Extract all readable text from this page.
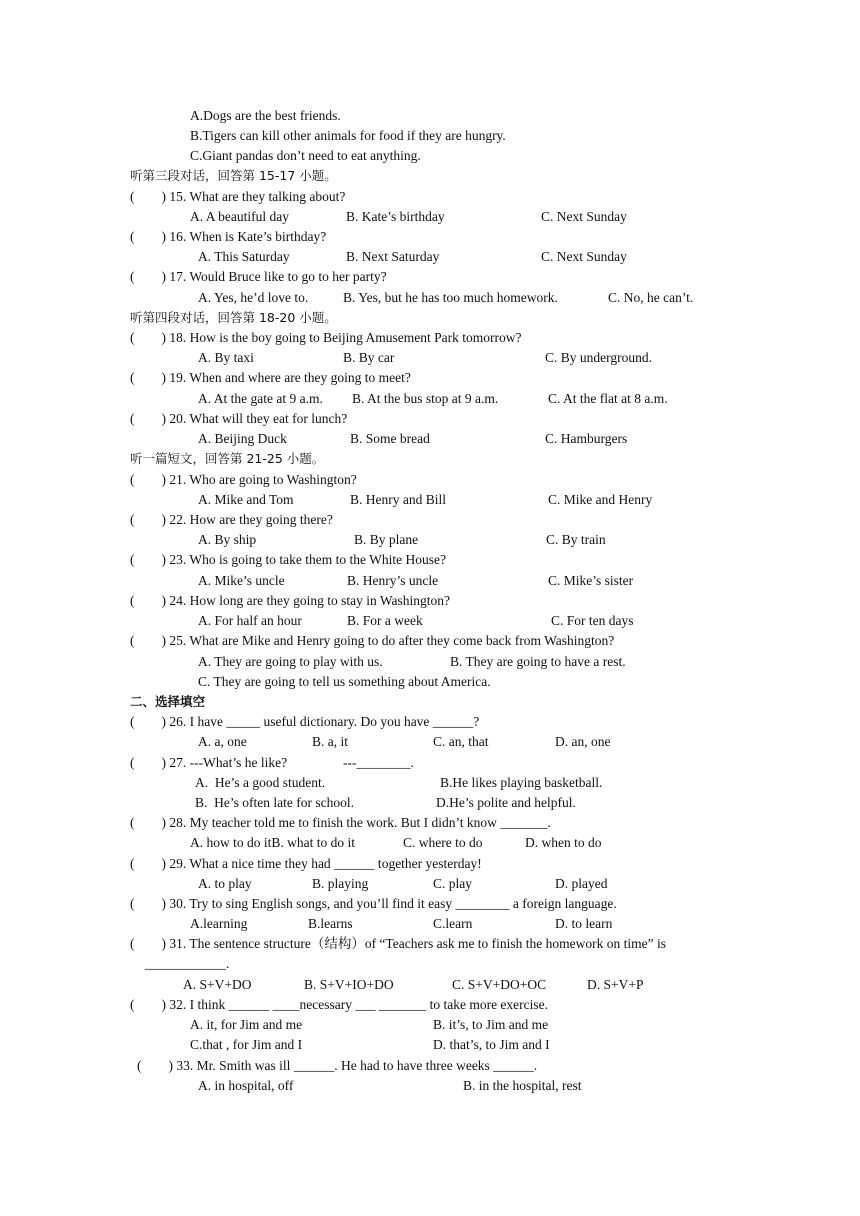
A.Dogs are the best friends.
B.Tigers can kill other animals for food if they are hungry.
C.Giant pandas don’t need to eat anything.
听第三段对话，回答第 15-17 小题。
(        ) 15. What are they talking about?
A. A beautiful day	B. Kate’s birthday	C. Next Sunday
(        ) 16. When is Kate’s birthday?
A. This Saturday	B. Next Saturday	C. Next Sunday
(        ) 17. Would Bruce like to go to her party?
A. Yes, he’d love to.	B. Yes, but he has too much homework.	C. No, he can’t.
听第四段对话，回答第 18-20 小题。
(        ) 18. How is the boy going to Beijing Amusement Park tomorrow?
A. By taxi	B. By car	C. By underground.
(        ) 19. When and where are they going to meet?
A. At the gate at 9 a.m. B. At the bus stop at 9 a.m.	C. At the flat at 8 a.m.
(        ) 20. What will they eat for lunch?
A. Beijing Duck	B. Some bread	C. Hamburgers
听一篇短文，回答第 21-25 小题。
(        ) 21. Who are going to Washington?
A. Mike and Tom	B. Henry and Bill	C. Mike and Henry
(        ) 22. How are they going there?
A. By ship	B. By plane	C. By train
(        ) 23. Who is going to take them to the White House?
A. Mike’s uncle	B. Henry’s uncle	C. Mike’s sister
(        ) 24. How long are they going to stay in Washington?
A. For half an hour	B. For a week	C. For ten days
(        ) 25. What are Mike and Henry going to do after they come back from Washington?
A. They are going to play with us.	B. They are going to have a rest.
C. They are going to tell us something about America.
二、选择填空
(        ) 26. I have _____ useful dictionary. Do you have ______?
A. a, one	B. a, it	C. an, that	D. an, one
(        ) 27. ---What’s he like?	---________.
A.  He’s a good student.	B.He likes playing basketball.
B.  He’s often late for school.	D.He’s polite and helpful.
(        ) 28. My teacher told me to finish the work. But I didn’t know _______.
A. how to do itB. what to do it	C. where to do	D. when to do
(        ) 29. What a nice time they had ______ together yesterday!
A. to play	B. playing	C. play	D. played
(        ) 30. Try to sing English songs, and you’ll find it easy ________ a foreign language.
A.learning	B.learns	C.learn	D. to learn
(        ) 31. The sentence structure（结构）of “Teachers ask me to finish the homework on time” is
____________.
A. S+V+DO	B. S+V+IO+DO	C. S+V+DO+OC	D. S+V+P
(        ) 32. I think ______ ____necessary ___ _______ to take more exercise.
A. it, for Jim and me	B. it’s, to Jim and me
C.that , for Jim and I	D. that’s, to Jim and I
(        ) 33. Mr. Smith was ill ______. He had to have three weeks ______.
A. in hospital, off	B. in the hospital, rest
